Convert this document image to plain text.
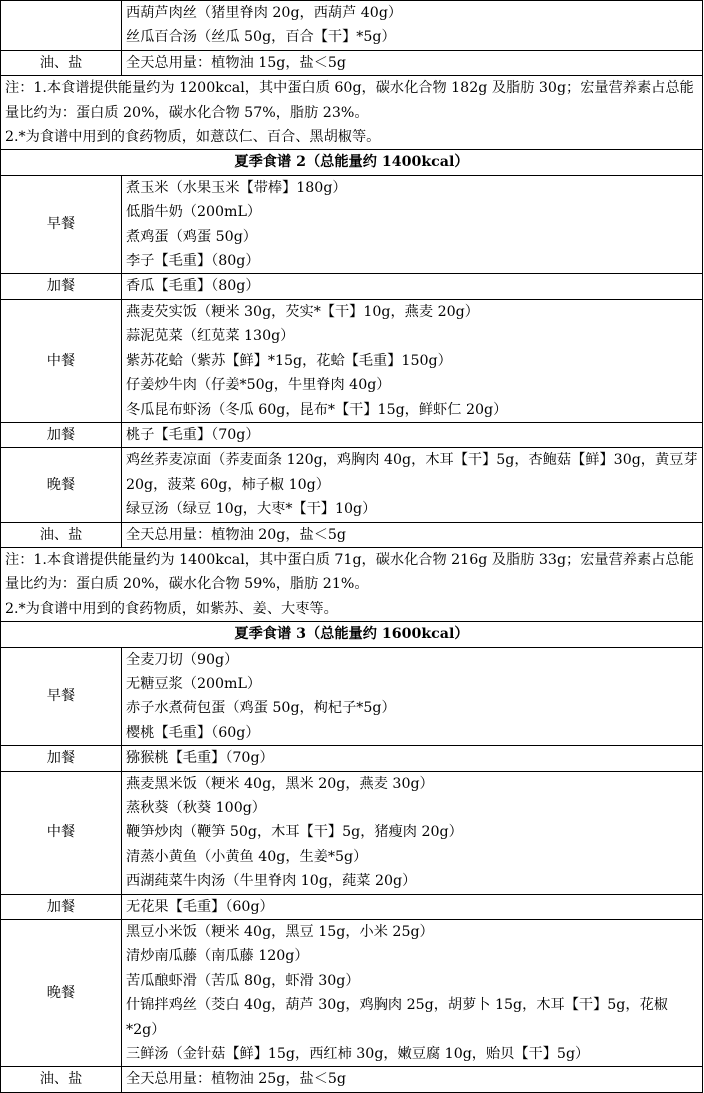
	西葫芦肉丝（猪里脊肉 20g，西葫芦 40g）
丝瓜百合汤（丝瓜 50g，百合【干】*5g）

油、盐	全天总用量：植物油 15g，盐＜5g

注：1.本食谱提供能量约为 1200kcal，其中蛋白质 60g，碳水化合物 182g 及脂肪 30g；宏量营养素占总能量比约为：蛋白质 20%，碳水化合物 57%，脂肪 23%。
2.*为食谱中用到的食药物质，如薏苡仁、百合、黑胡椒等。	

夏季食谱 2（总能量约 1400kcal）	
早餐	煮玉米（水果玉米【带棒】180g）
低脂牛奶（200mL）
煮鸡蛋（鸡蛋 50g）
李子【毛重】（80g）

加餐	香瓜【毛重】（80g）
中餐	燕麦芡实饭（粳米 30g，芡实*【干】10g，燕麦 20g）
蒜泥苋菜（红苋菜 130g）
紫苏花蛤（紫苏【鲜】*15g，花蛤【毛重】150g）
仔姜炒牛肉（仔姜*50g，牛里脊肉 40g）
冬瓜昆布虾汤（冬瓜 60g，昆布*【干】15g，鲜虾仁 20g）

加餐	桃子【毛重】（70g）
晚餐	鸡丝荞麦凉面（荞麦面条 120g，鸡胸肉 40g，木耳【干】5g，杏鲍菇【鲜】30g，黄豆芽 20g，菠菜 60g，柿子椒 10g）
绿豆汤（绿豆 10g，大枣*【干】10g）

油、盐	全天总用量：植物油 20g，盐＜5g

注：1.本食谱提供能量约为 1400kcal，其中蛋白质 71g，碳水化合物 216g 及脂肪 33g；宏量营养素占总能量比约为：蛋白质 20%，碳水化合物 59%，脂肪 21%。
2.*为食谱中用到的食药物质，如紫苏、姜、大枣等。	

夏季食谱 3（总能量约 1600kcal）	
早餐	全麦刀切（90g）
无糖豆浆（200mL）
赤子水煮荷包蛋（鸡蛋 50g，枸杞子*5g）
樱桃【毛重】（60g）

加餐	猕猴桃【毛重】（70g）
中餐	燕麦黑米饭（粳米 40g，黑米 20g，燕麦 30g）
蒸秋葵（秋葵 100g）
鞭笋炒肉（鞭笋 50g，木耳【干】5g，猪瘦肉 20g）
清蒸小黄鱼（小黄鱼 40g，生姜*5g）
西湖莼菜牛肉汤（牛里脊肉 10g，莼菜 20g）

加餐	无花果【毛重】（60g）
晚餐	黑豆小米饭（粳米 40g，黑豆 15g，小米 25g）
清炒南瓜藤（南瓜藤 120g）
苦瓜酿虾滑（苦瓜 80g，虾滑 30g）
什锦拌鸡丝（茭白 40g，葫芦 30g，鸡胸肉 25g，胡萝卜 15g，木耳【干】5g，花椒*2g）
三鲜汤（金针菇【鲜】15g，西红柿 30g，嫩豆腐 10g，贻贝【干】5g）

油、盐	全天总用量：植物油 25g，盐＜5g
